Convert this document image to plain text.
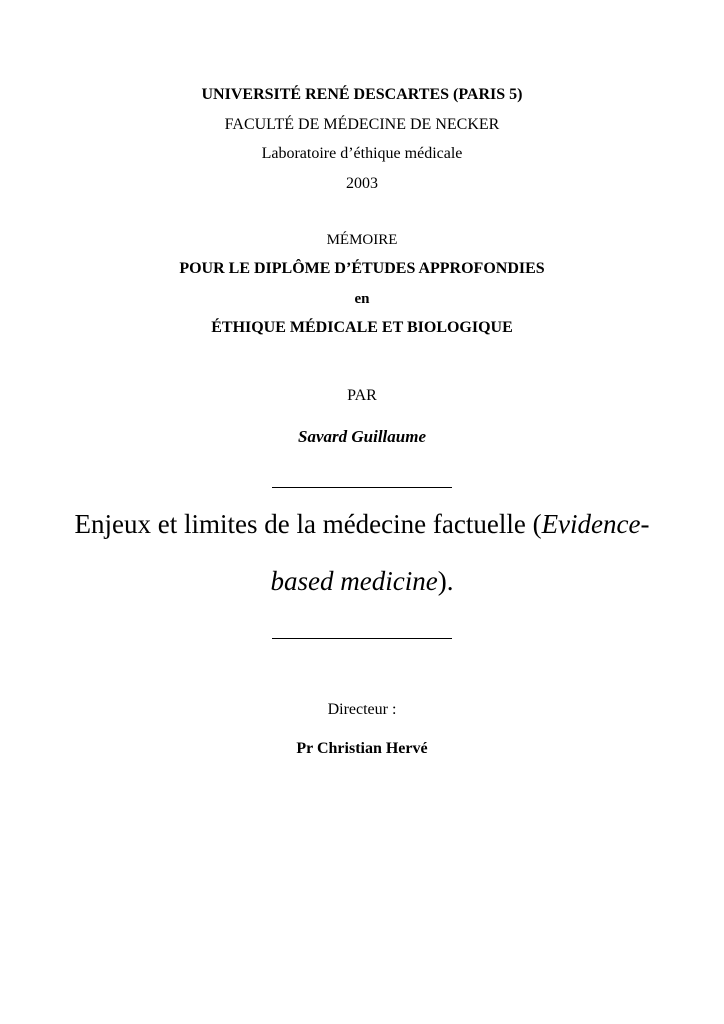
UNIVERSITÉ RENÉ DESCARTES (PARIS 5)
FACULTÉ DE MÉDECINE DE NECKER
Laboratoire d’éthique médicale
2003
MÉMOIRE
POUR LE DIPLÔME D’ÉTUDES APPROFONDIES
en
ÉTHIQUE MÉDICALE ET BIOLOGIQUE
PAR
Savard Guillaume
Enjeux et limites de la médecine factuelle (Evidence-
based medicine).
Directeur :
Pr Christian Hervé
